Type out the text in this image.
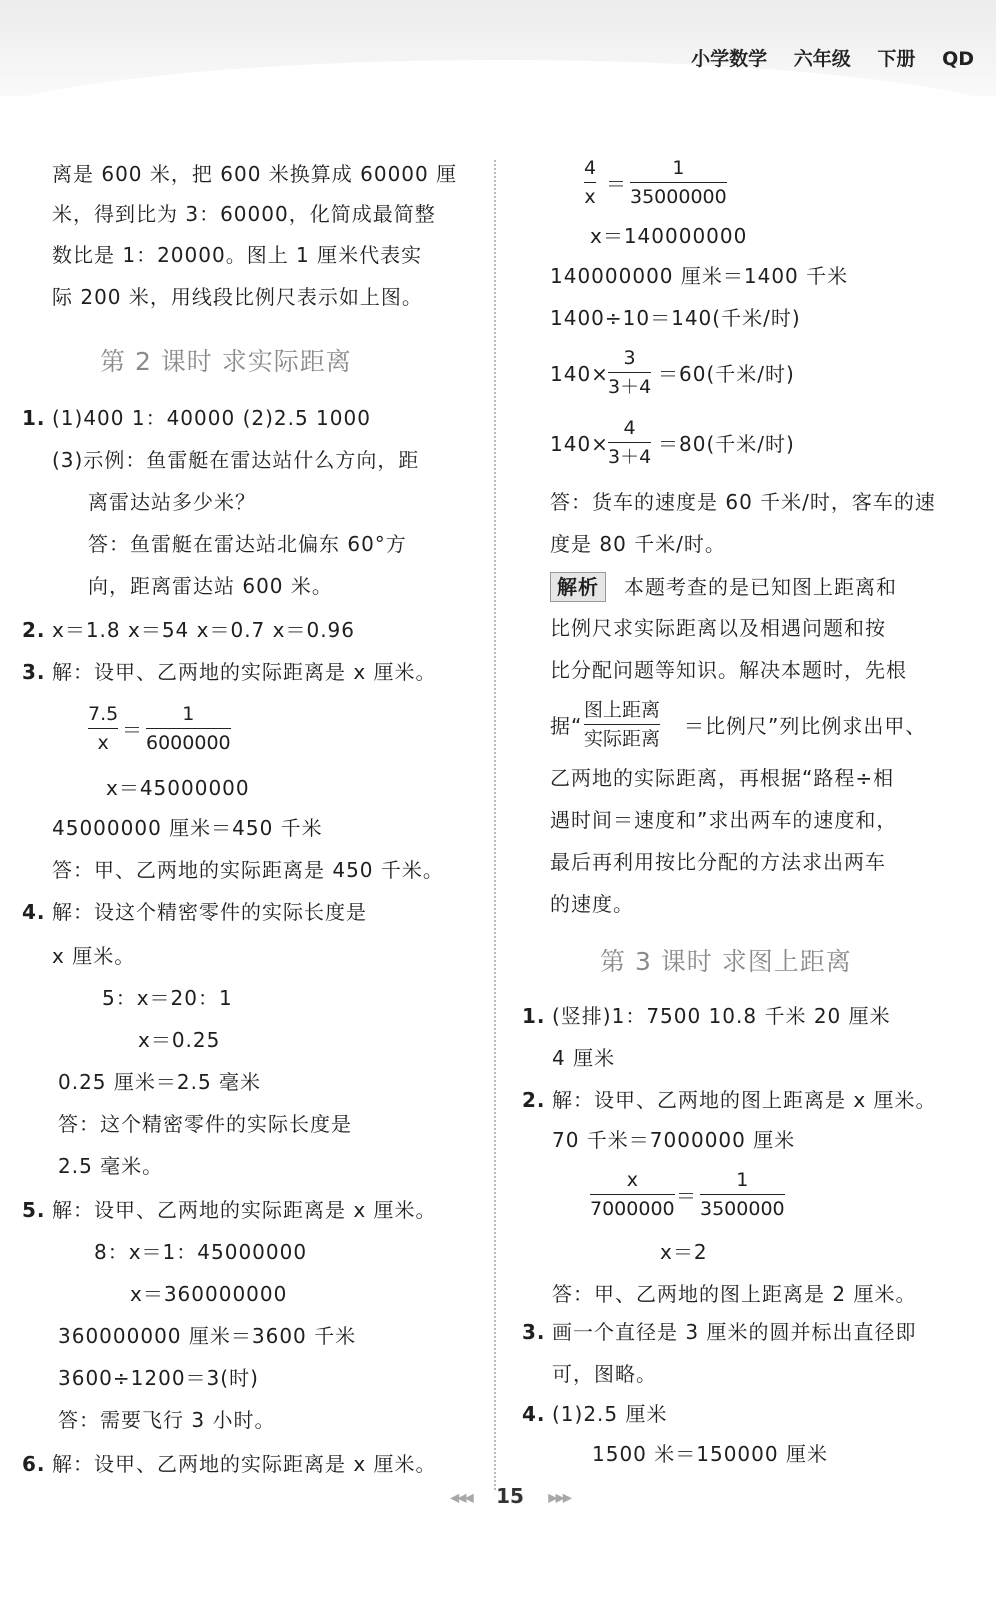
小学数学 六年级 下册 QD
离是 600 米，把 600 米换算成 60000 厘
米，得到比为 3：60000，化简成最简整
数比是 1：20000。图上 1 厘米代表实
际 200 米，用线段比例尺表示如上图。
第 2 课时 求实际距离
1. (1)400 1：40000 (2)2.5 1000
(3)示例：鱼雷艇在雷达站什么方向，距
离雷达站多少米？
答：鱼雷艇在雷达站北偏东 60°方
向，距离雷达站 600 米。
2. x＝1.8 x＝54 x＝0.7 x＝0.96
3. 解：设甲、乙两地的实际距离是 x 厘米。
7.5
x
＝
1
6000000
x＝45000000
45000000 厘米＝450 千米
答：甲、乙两地的实际距离是 450 千米。
4. 解：设这个精密零件的实际长度是
x 厘米。
5：x＝20：1
x＝0.25
0.25 厘米＝2.5 毫米
答：这个精密零件的实际长度是
2.5 毫米。
5. 解：设甲、乙两地的实际距离是 x 厘米。
8：x＝1：45000000
x＝360000000
360000000 厘米＝3600 千米
3600÷1200＝3(时)
答：需要飞行 3 小时。
6. 解：设甲、乙两地的实际距离是 x 厘米。
4
x
＝
1
35000000
x＝140000000
140000000 厘米＝1400 千米
1400÷10＝140(千米/时)
140×
3
3＋4
＝60(千米/时)
140×
4
3＋4
＝80(千米/时)
答：货车的速度是 60 千米/时，客车的速
度是 80 千米/时。
解析 本题考查的是已知图上距离和
比例尺求实际距离以及相遇问题和按
比分配问题等知识。解决本题时，先根
据“
图上距离
实际距离
＝比例尺”列比例求出甲、
乙两地的实际距离，再根据“路程÷相
遇时间＝速度和”求出两车的速度和，
最后再利用按比分配的方法求出两车
的速度。
第 3 课时 求图上距离
1. (竖排)1：7500 10.8 千米 20 厘米
4 厘米
2. 解：设甲、乙两地的图上距离是 x 厘米。
70 千米＝7000000 厘米
x
7000000
＝
1
3500000
x＝2
答：甲、乙两地的图上距离是 2 厘米。
3. 画一个直径是 3 厘米的圆并标出直径即
可，图略。
4. (1)2.5 厘米
1500 米＝150000 厘米
◀◀◀ 15 ▶▶▶
